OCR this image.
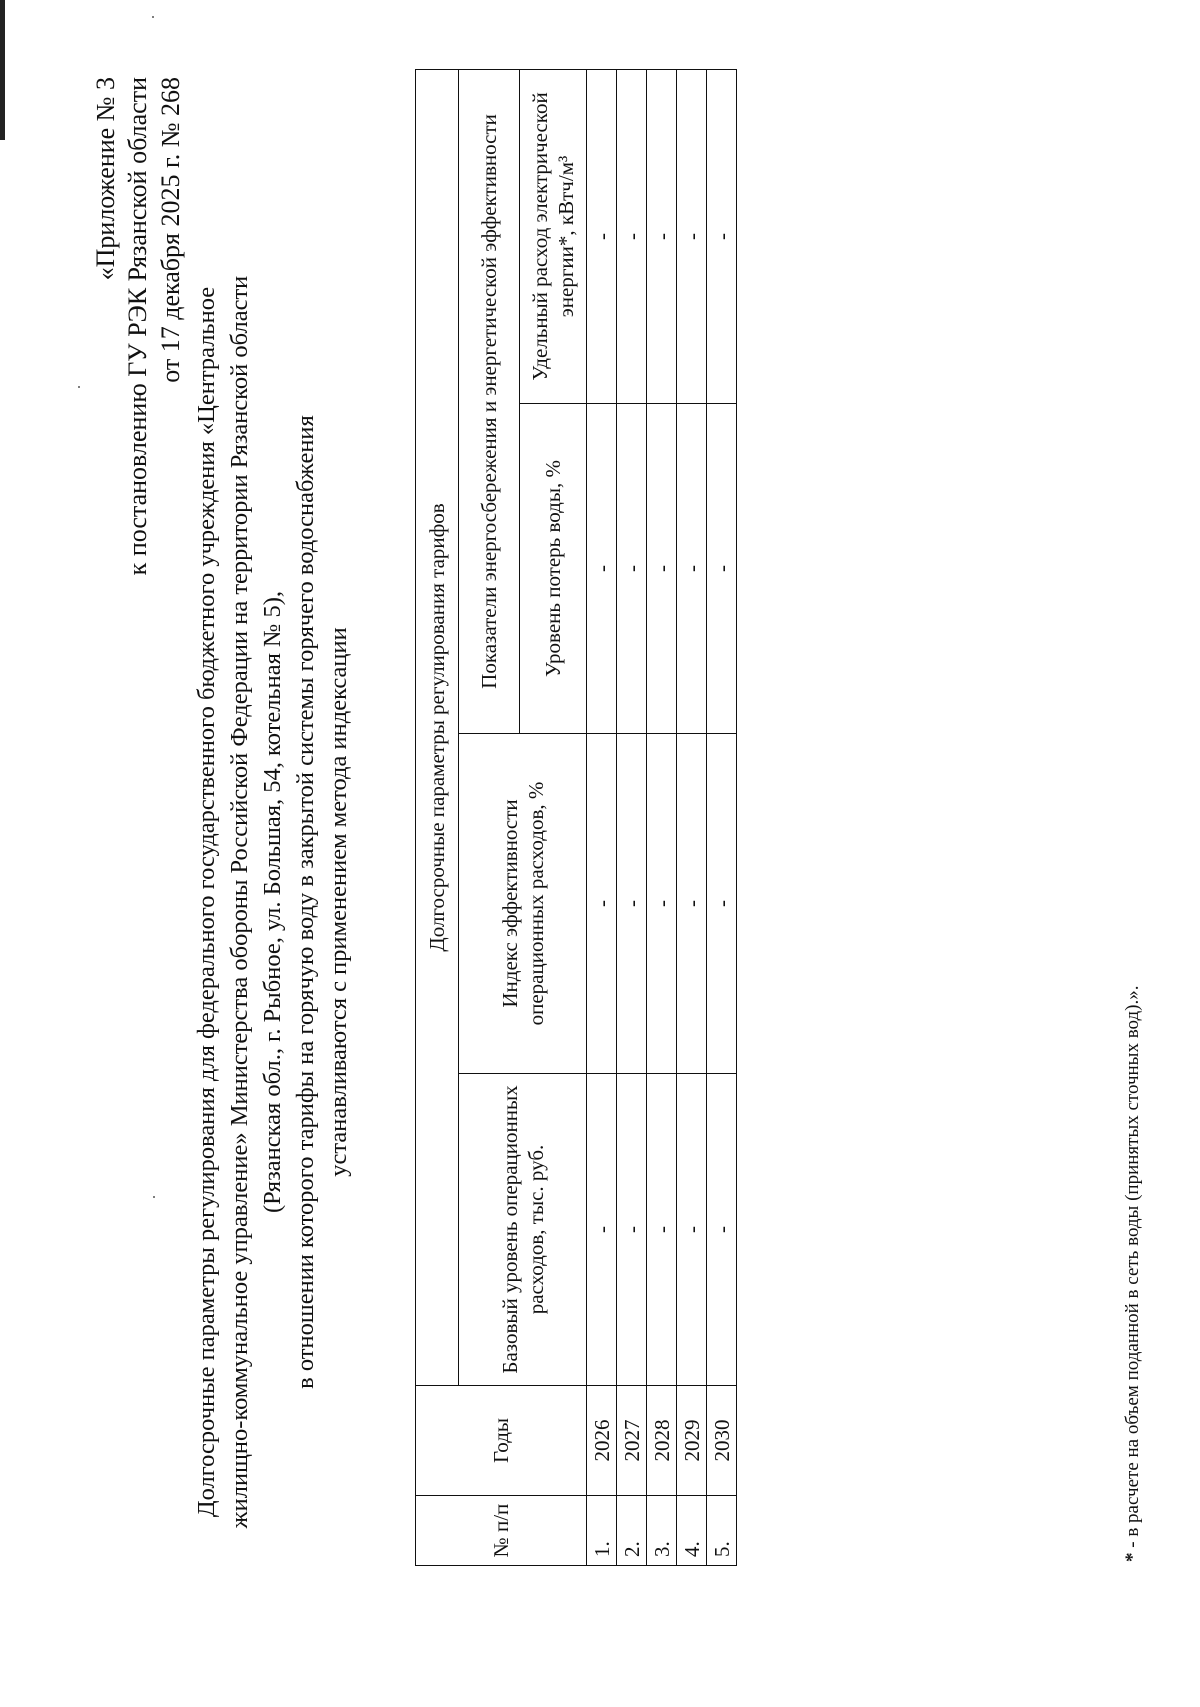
«Приложение № 3 к постановлению ГУ РЭК Рязанской области от 17 декабря 2025 г. № 268
Долгосрочные параметры регулирования для федерального государственного бюджетного учреждения «Центральное жилищно-коммунальное управление» Министерства обороны Российской Федерации на территории Рязанской области (Рязанская обл., г. Рыбное, ул. Большая, 54, котельная № 5), в отношении которого тарифы на горячую воду в закрытой системы горячего водоснабжения устанавливаются с применением метода индексации
№ п/п	Годы	Долгосрочные параметры регулирования тарифов			
		Базовый уровень операционных расходов, тыс. руб.	Индекс эффективности операционных расходов, %	Показатели энергосбережения и энергетической эффективности	
				Уровень потерь воды, %	Удельный расход электрической энергии*, кВтч/м³
1.	2026	-	-	-	-
2.	2027	-	-	-	-
3.	2028	-	-	-	-
4.	2029	-	-	-	-
5.	2030	-	-	-	-
* - в расчете на объем поданной в сеть воды (принятых сточных вод).».
